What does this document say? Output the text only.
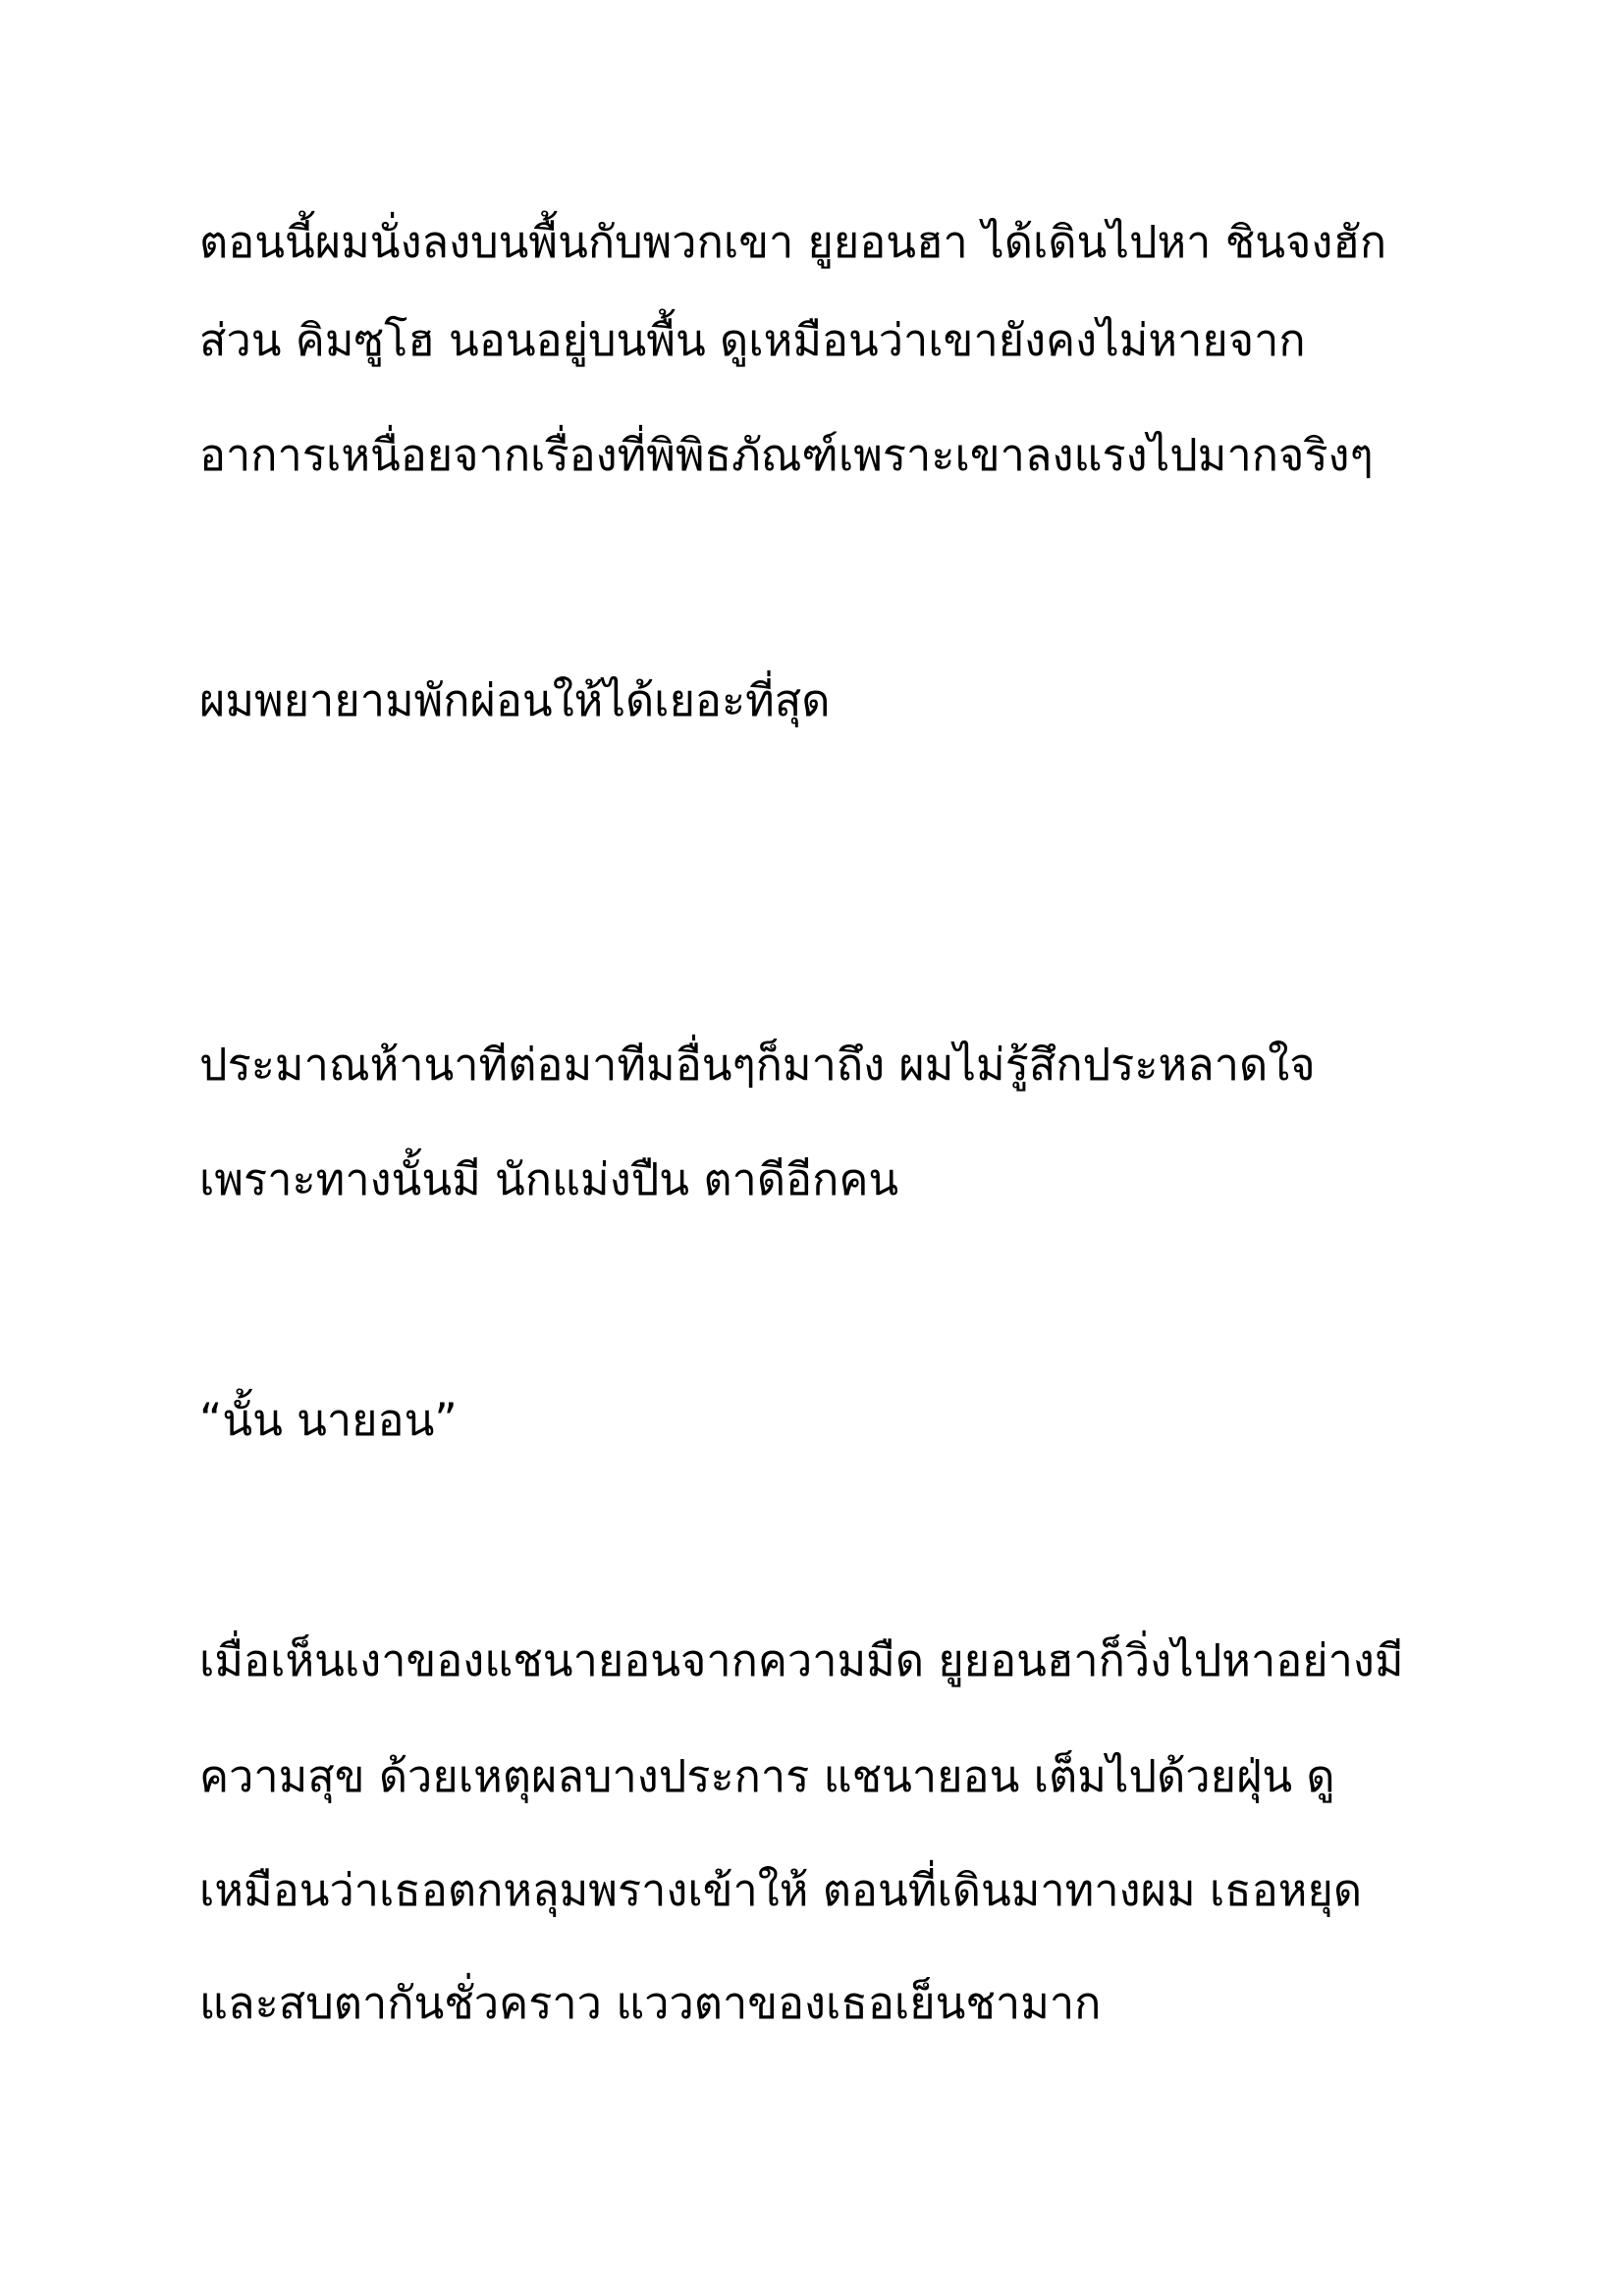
ตอนนี้ผมนั่งลงบนพื้นกับพวกเขา ยูยอนฮา ได้เดินไปหา ชินจงฮัก

ส่วน คิมซูโฮ นอนอยู่บนพื้น ดูเหมือนว่าเขายังคงไม่หายจาก

อาการเหนื่อยจากเรื่องที่พิพิธภัณฑ์เพราะเขาลงแรงไปมากจริงๆ

ผมพยายามพักผ่อนให้ได้เยอะที่สุด

ประมาณห้านาทีต่อมาทีมอื่นๆก็มาถึง ผมไม่รู้สึกประหลาดใจ

เพราะทางนั้นมี นักแม่งปืน ตาดีอีกคน

“นั้น นายอน”

เมื่อเห็นเงาของแชนายอนจากความมืด ยูยอนฮาก็วิ่งไปหาอย่างมี

ความสุข ด้วยเหตุผลบางประการ แชนายอน เต็มไปด้วยฝุ่น ดู

เหมือนว่าเธอตกหลุมพรางเข้าให้ ตอนที่เดินมาทางผม เธอหยุด

และสบตากันชั่วคราว แววตาของเธอเย็นชามาก
